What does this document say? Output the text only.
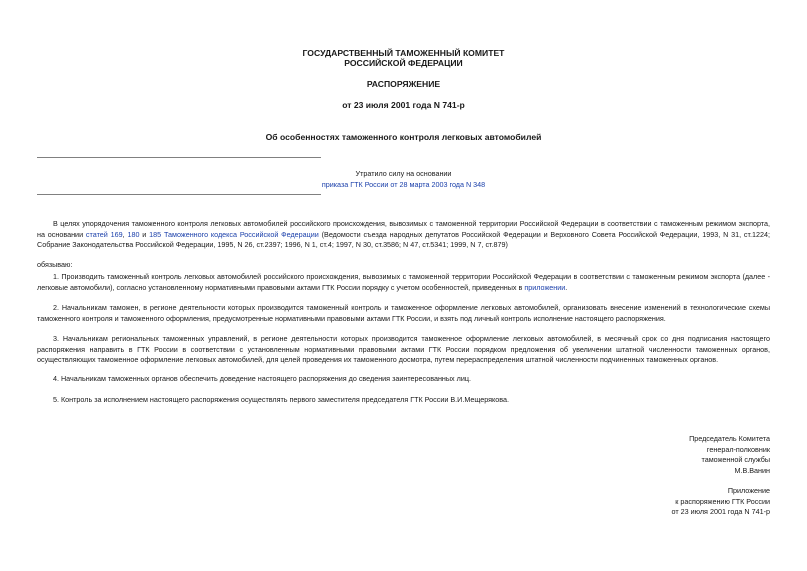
ГОСУДАРСТВЕННЫЙ ТАМОЖЕННЫЙ КОМИТЕТ
РОССИЙСКОЙ ФЕДЕРАЦИИ
РАСПОРЯЖЕНИЕ
от 23 июля 2001 года N 741-р
Об особенностях таможенного контроля легковых автомобилей
Утратило силу на основании
приказа ГТК России от 28 марта 2003 года N 348
В целях упорядочения таможенного контроля легковых автомобилей российского происхождения, вывозимых с таможенной территории Российской Федерации в соответствии с таможенным режимом экспорта, на основании статей 169, 180 и 185 Таможенного кодекса Российской Федерации (Ведомости съезда народных депутатов Российской Федерации и Верховного Совета Российской Федерации, 1993, N 31, ст.1224; Собрание Законодательства Российской Федерации, 1995, N 26, ст.2397; 1996, N 1, ст.4; 1997, N 30, ст.3586; N 47, ст.5341; 1999, N 7, ст.879)
обязываю:
1. Производить таможенный контроль легковых автомобилей российского происхождения, вывозимых с таможенной территории Российской Федерации в соответствии с таможенным режимом экспорта (далее - легковые автомобили), согласно установленному нормативными правовыми актами ГТК России порядку с учетом особенностей, приведенных в приложении.
2. Начальникам таможен, в регионе деятельности которых производится таможенный контроль и таможенное оформление легковых автомобилей, организовать внесение изменений в технологические схемы таможенного контроля и таможенного оформления, предусмотренные нормативными правовыми актами ГТК России, и взять под личный контроль исполнение настоящего распоряжения.
3. Начальникам региональных таможенных управлений, в регионе деятельности которых производится таможенное оформление легковых автомобилей, в месячный срок со дня подписания настоящего распоряжения направить в ГТК России в соответствии с установленным нормативными правовыми актами ГТК России порядком предложения об увеличении штатной численности таможенных органов, осуществляющих таможенное оформление легковых автомобилей, для целей проведения их таможенного досмотра, путем перераспределения штатной численности подчиненных таможенных органов.
4. Начальникам таможенных органов обеспечить доведение настоящего распоряжения до сведения заинтересованных лиц.
5. Контроль за исполнением настоящего распоряжения осуществлять первого заместителя председателя ГТК России В.И.Мещерякова.
Председатель Комитета
генерал-полковник
таможенной службы
М.В.Ванин
Приложение
к распоряжению ГТК России
от 23 июля 2001 года N 741-р
